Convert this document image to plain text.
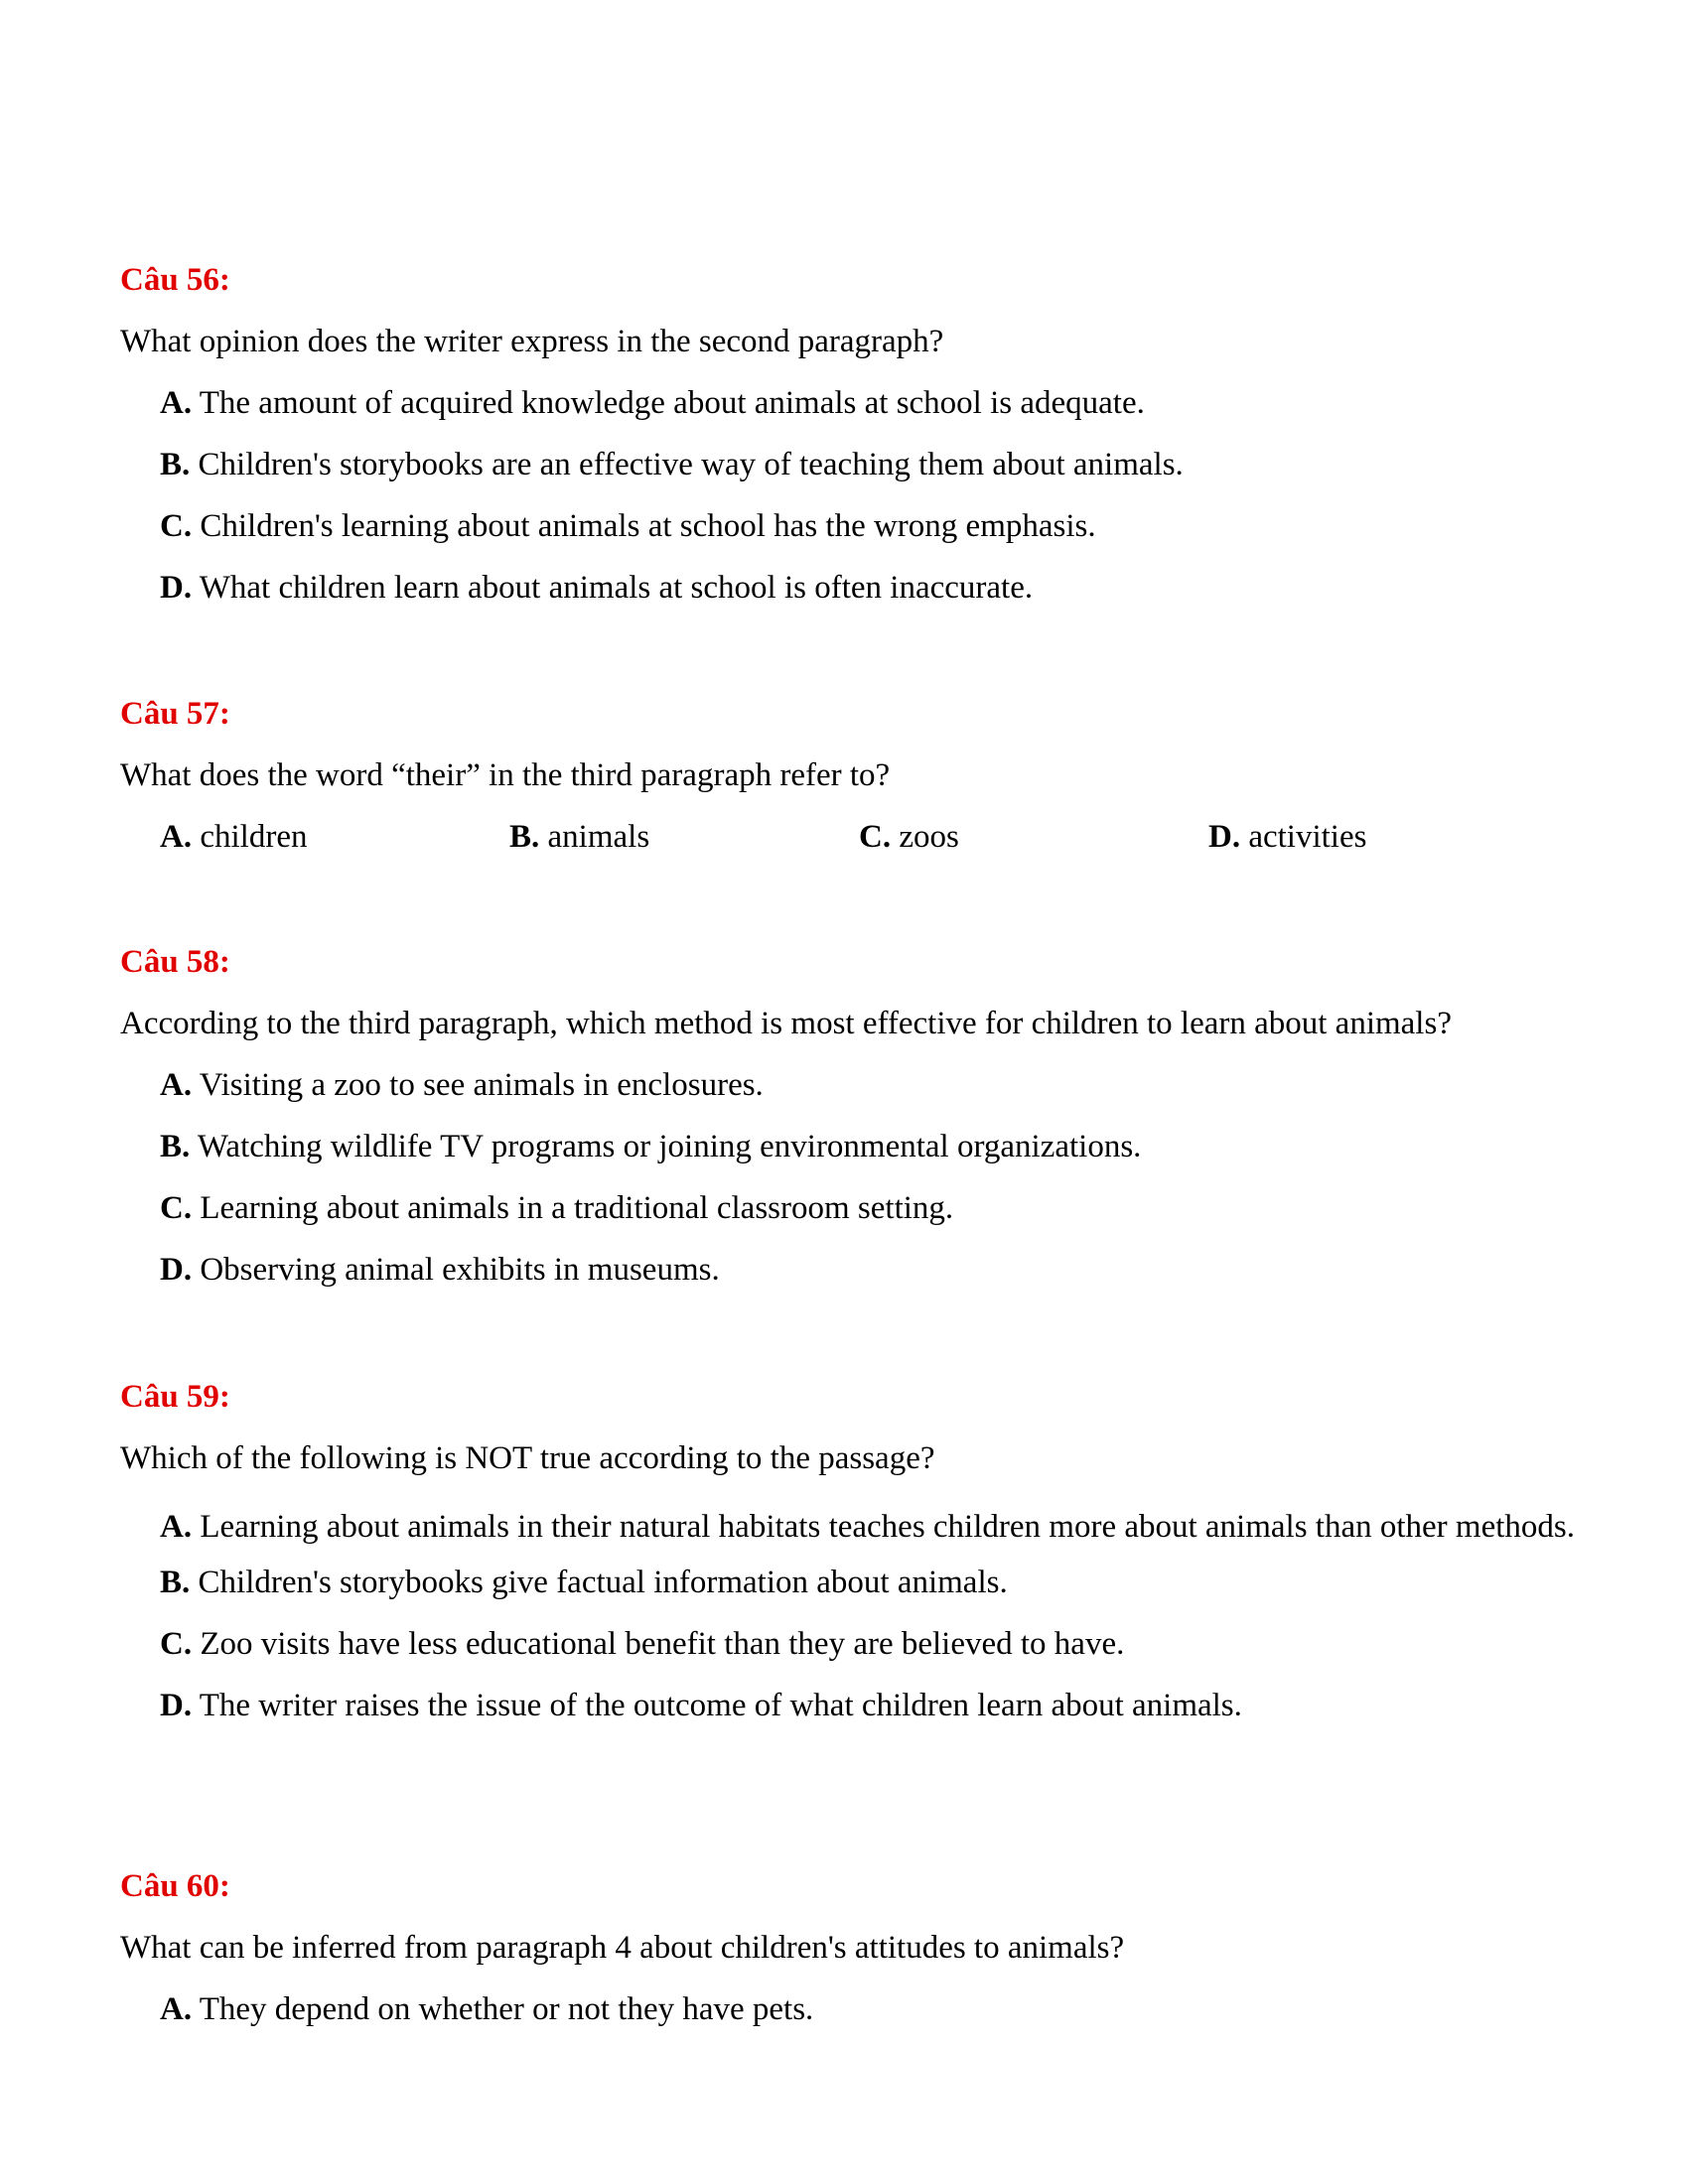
Câu 56:
What opinion does the writer express in the second paragraph?
A. The amount of acquired knowledge about animals at school is adequate.
B. Children's storybooks are an effective way of teaching them about animals.
C. Children's learning about animals at school has the wrong emphasis.
D. What children learn about animals at school is often inaccurate.
Câu 57:
What does the word “their” in the third paragraph refer to?
A. children	B. animals	C. zoos	D. activities
Câu 58:
According to the third paragraph, which method is most effective for children to learn about animals?
A. Visiting a zoo to see animals in enclosures.
B. Watching wildlife TV programs or joining environmental organizations.
C. Learning about animals in a traditional classroom setting.
D. Observing animal exhibits in museums.
Câu 59:
Which of the following is NOT true according to the passage?
A. Learning about animals in their natural habitats teaches children more about animals than other methods.
B. Children's storybooks give factual information about animals.
C. Zoo visits have less educational benefit than they are believed to have.
D. The writer raises the issue of the outcome of what children learn about animals.
Câu 60:
What can be inferred from paragraph 4 about children's attitudes to animals?
A. They depend on whether or not they have pets.
